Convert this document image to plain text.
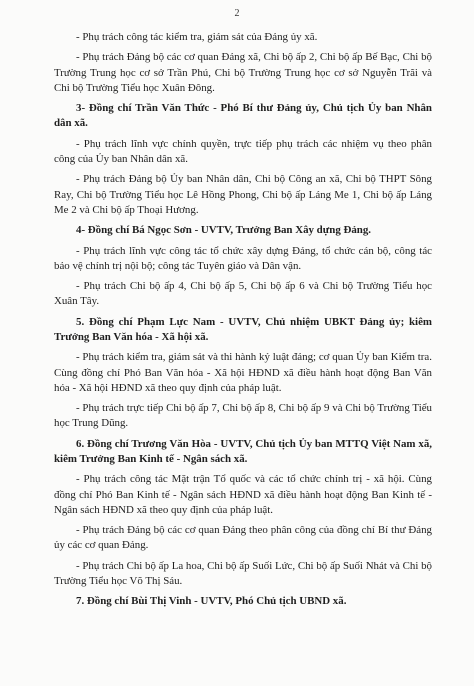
2

- Phụ trách công tác kiểm tra, giám sát của Đảng ủy xã.

- Phụ trách Đảng bộ các cơ quan Đảng xã, Chi bộ ấp 2, Chi bộ ấp Bế Bạc, Chi bộ Trường Trung học cơ sở Trần Phú, Chi bộ Trường Trung học cơ sở Nguyễn Trãi và Chi bộ Trường Tiểu học Xuân Đông.

3- Đồng chí Trần Văn Thức - Phó Bí thư Đảng ủy, Chủ tịch Ủy ban Nhân dân xã.

- Phụ trách lĩnh vực chính quyền, trực tiếp phụ trách các nhiệm vụ theo phân công của Ủy ban Nhân dân xã.

- Phụ trách Đảng bộ Ủy ban Nhân dân, Chi bộ Công an xã, Chi bộ THPT Sông Ray, Chi bộ Trường Tiểu học Lê Hồng Phong, Chi bộ ấp Láng Me 1, Chi bộ ấp Láng Me 2 và Chi bộ ấp Thoại Hương.

4- Đồng chí Bá Ngọc Sơn - UVTV, Trưởng Ban Xây dựng Đảng.

- Phụ trách lĩnh vực công tác tổ chức xây dựng Đảng, tổ chức cán bộ, công tác bảo vệ chính trị nội bộ; công tác Tuyên giáo và Dân vận.

- Phụ trách Chi bộ ấp 4, Chi bộ ấp 5, Chi bộ ấp 6 và Chi bộ Trường Tiểu học Xuân Tây.

5. Đồng chí Phạm Lực Nam - UVTV, Chủ nhiệm UBKT Đảng ủy; kiêm Trưởng Ban Văn hóa - Xã hội xã.

- Phụ trách kiểm tra, giám sát và thi hành kỷ luật đảng; cơ quan Ủy ban Kiểm tra. Cùng đồng chí Phó Ban Văn hóa - Xã hội HĐND xã điều hành hoạt động Ban Văn hóa - Xã hội HĐND xã theo quy định của pháp luật.

- Phụ trách trực tiếp Chi bộ ấp 7, Chi bộ ấp 8, Chi bộ ấp 9 và Chi bộ Trường Tiểu học Trung Dũng.

6. Đồng chí Trương Văn Hòa - UVTV, Chủ tịch Ủy ban MTTQ Việt Nam xã, kiêm Trưởng Ban Kinh tế - Ngân sách xã.

- Phụ trách công tác Mặt trận Tổ quốc và các tổ chức chính trị - xã hội. Cùng đồng chí Phó Ban Kinh tế - Ngân sách HĐND xã điều hành hoạt động Ban Kinh tế - Ngân sách HĐND xã theo quy định của pháp luật.

- Phụ trách Đảng bộ các cơ quan Đảng theo phân công của đồng chí Bí thư Đảng ủy các cơ quan Đảng.

- Phụ trách Chi bộ ấp La hoa, Chi bộ ấp Suối Lức, Chi bộ ấp Suối Nhát và Chi bộ Trường Tiểu học Võ Thị Sáu.

7. Đồng chí Bùi Thị Vinh - UVTV, Phó Chủ tịch UBND xã.
